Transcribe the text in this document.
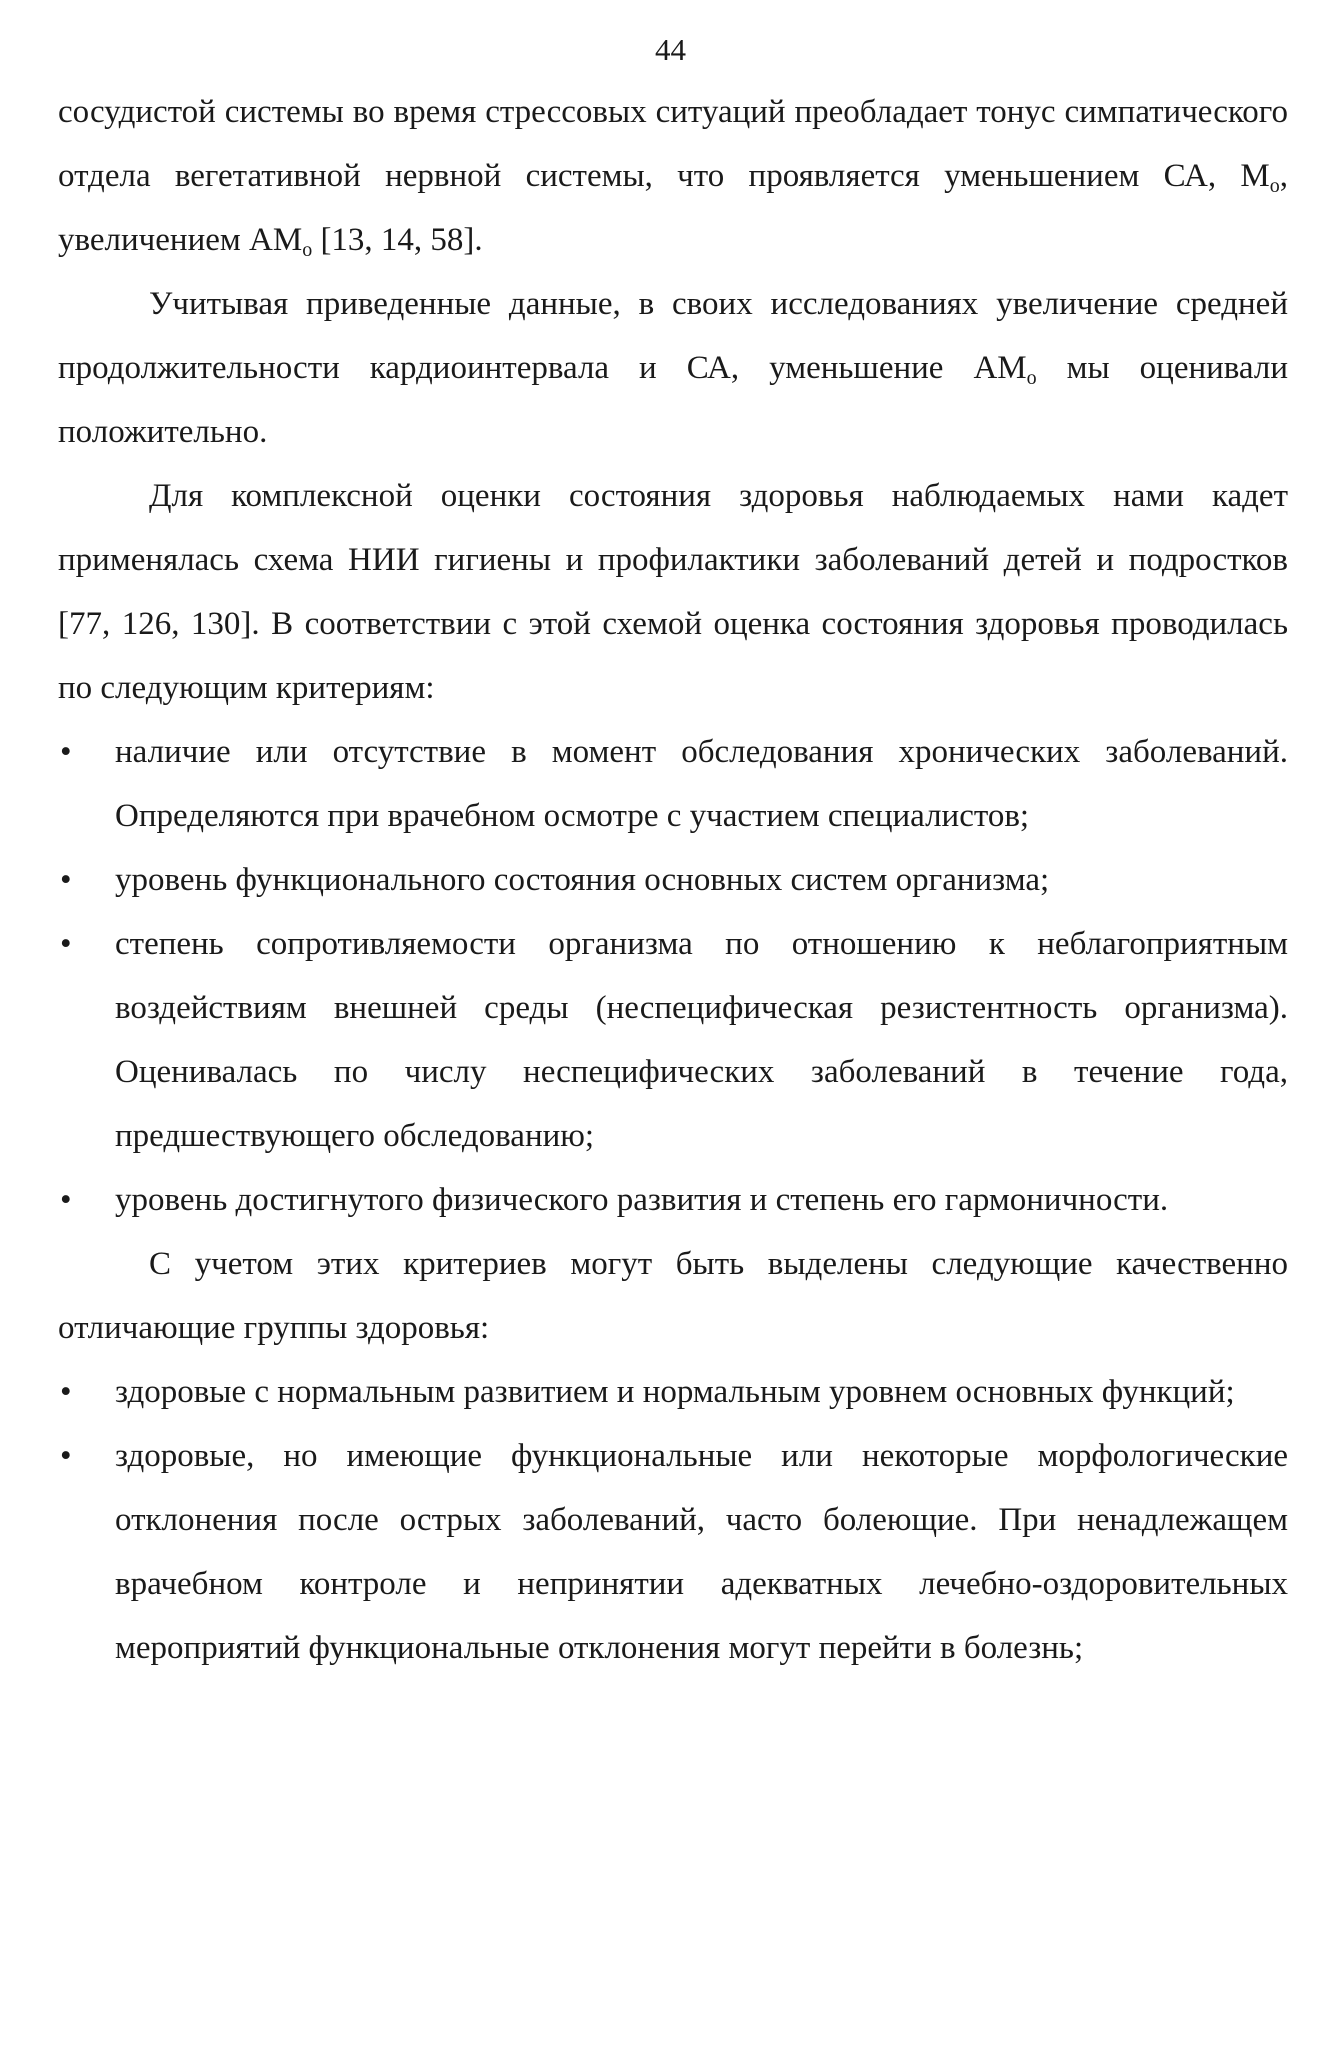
44

сосудистой системы во время стрессовых ситуаций преобладает тонус симпатического отдела вегетативной нервной системы, что проявляется уменьшением СА, $М_о$, увеличением $АМ_о$ [13, 14, 58].

Учитывая приведенные данные, в своих исследованиях увеличение средней продолжительности кардиоинтервала и СА, уменьшение $АМ_о$ мы оценивали положительно.

Для комплексной оценки состояния здоровья наблюдаемых нами кадет применялась схема НИИ гигиены и профилактики заболеваний детей и подростков [77, 126, 130]. В соответствии с этой схемой оценка состояния здоровья проводилась по следующим критериям:

•	наличие или отсутствие в момент обследования хронических заболеваний. Определяются при врачебном осмотре с участием специалистов;
•	уровень функционального состояния основных систем организма;
•	степень сопротивляемости организма по отношению к неблагоприятным воздействиям внешней среды (неспецифическая резистентность организма). Оценивалась по числу неспецифических заболеваний в течение года, предшествующего обследованию;
•	уровень достигнутого физического развития и степень его гармоничности.

С учетом этих критериев могут быть выделены следующие качественно отличающие группы здоровья:

•	здоровые с нормальным развитием и нормальным уровнем основных функций;
•	здоровые, но имеющие функциональные или некоторые морфологические отклонения после острых заболеваний, часто болеющие. При ненадлежащем врачебном контроле и непринятии адекватных лечебно-оздоровительных мероприятий функциональные отклонения могут перейти в болезнь;
